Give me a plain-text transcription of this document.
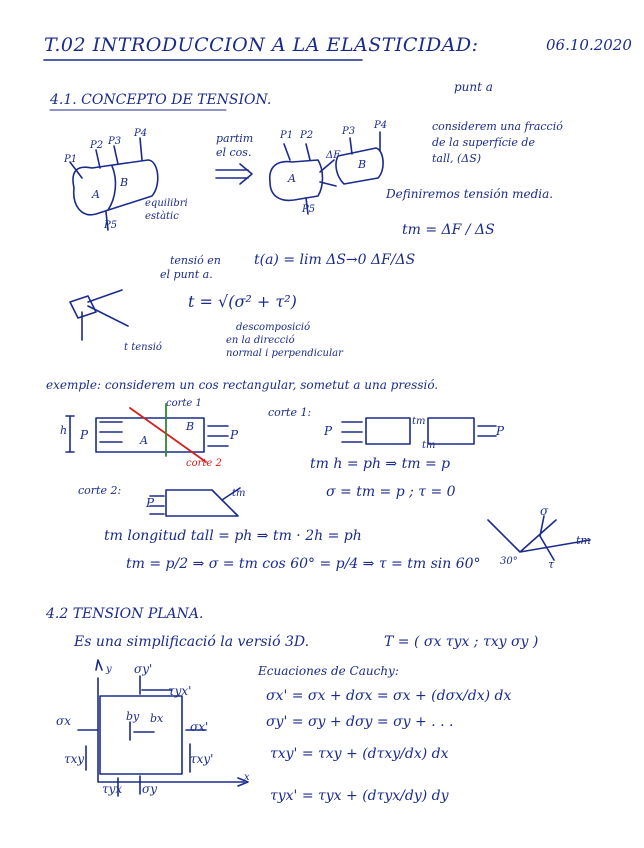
T.02 INTRODUCCION A LA ELASTICIDAD:	06.10.2020
4.1. CONCEPTO DE TENSION.
punt a
considerem una fracció
de la superfície de
tall, (ΔS)
partim
el cos.
equilibri
estàtic
Definiremos tensión media.
tm = ΔF / ΔS
tensió en
el punt a.
t(a) = lim ΔS→0 ΔF/ΔS
t = √(σ² + τ²)
descomposició
en la direcció
normal i perpendicular
t tensió
A
B
P1
P2 P3
P4
P5
A
B
P1 P2	P3
P4
P5
ΔF
exemple: considerem un cos rectangular, sometut a una pressió.
corte 1
corte 1:
corte 2
corte 2:
tm h = ph ⇒ tm = p
σ = tm = p ; τ = 0
tm longitud tall = ph ⇒ tm · 2h = ph
tm = p/2 ⇒ σ = tm cos 60° = p/4 ⇒ τ = tm sin 60° 30°
h P	P
A
B	P	P
tm
tm
P
tm
σ
tm
τ
4.2 TENSION PLANA.
Es una simplificació la versió 3D.	T = ( σx τyx ; τxy σy )
Ecuaciones de Cauchy:
σx' = σx + dσx = σx + (dσx/dx) dx
σy' = σy + dσy = σy + . . .
τxy' = τxy + (dτxy/dx) dx
τyx' = τyx + (dτyx/dy) dy
σy'
τyx'
σx
τxy
σx'
τxy'
τyx σy
bx
by
x
y
